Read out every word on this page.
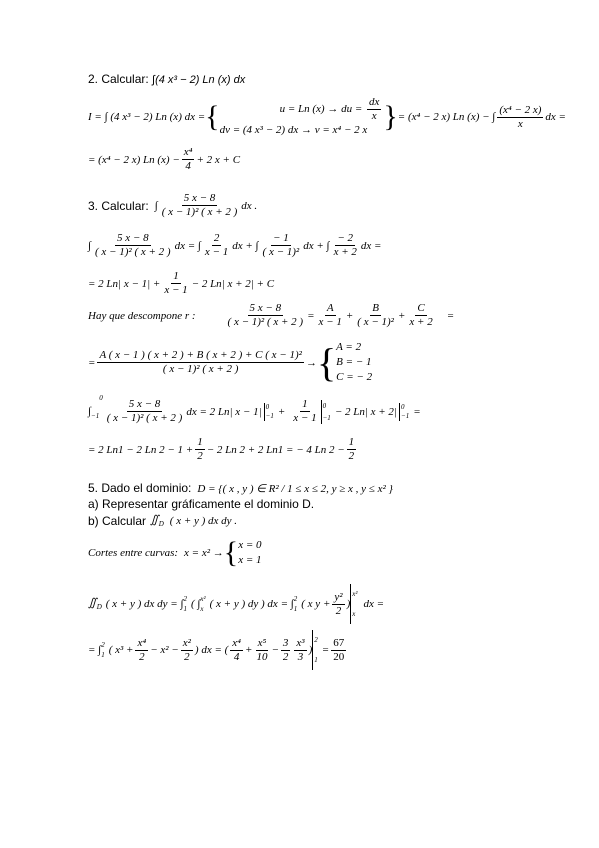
2. Calcular: ∫(4 x³ − 2) Ln (x) dx
I = ∫ (4 x³ − 2) Ln (x) dx = {	u = Ln (x) → du = $\frac{dx}{x}$
dv = (4 x³ − 2) dx → v = x⁴ − 2 x } = (x⁴ − 2 x) Ln (x) − ∫ $\frac{\text{(x⁴ − 2 x)}}{x}$ dx =
= (x⁴ − 2 x) Ln $(x) - \frac{\text{x⁴}}{4} + 2$ x + C
3. Calcular: ∫ $\frac{5 x - 8}{\text{( x − 1)² ( x + 2 )}}$ dx .
∫ $\frac{5 x - 8}{\text{( x − 1)² ( x + 2 )}}$ dx = ∫ $\frac{2}{x - 1}$ dx + ∫ $\frac{- 1}{\text{( x − 1)²}}$ dx + ∫ $\frac{- 2}{x + 2}$ dx =
= 2 Ln| $x - 1| + \frac{1}{x - 1} - 2$ Ln| x + 2| + C
Hay que descompone r :	$\frac{5 x - 8}{\text{( x − 1)² ( x + 2 )}} = \frac{A}{x - 1} + \frac{B}{\text{( x − 1)²}} + \frac{C}{x + 2}$ =
= $\frac{\text{A ( x − 1 ) ( x + 2 ) + B ( x + 2 ) + C ( x − 1)²}}{\text{( x − 1)² ( x + 2 )}}$ → { A = 2
B = − 1
C = − 2
$\int_{-1}^0$
$\frac{5 x - 8}{\text{( x − 1)² ( x + 2 )}}$ dx = 2 Ln| x − 1| 0
$-1 + \frac{1}{x - 1} 0$
−1 − 2 Ln| x + 2| 0
−1 =
= 2 Ln1 − 2 Ln $2 - 1 + \frac{1}{2} - 2$ Ln 2 + 2 Ln1 = − 4 Ln $2 - \frac{1}{2}$
5. Dado el dominio: D = {( x , y ) ∈ R² / 1 ≤ x ≤ 2, y ≥ x , y ≤ x² }
a) Representar gráficamente el dominio D.
b) Calcular $∬_D$ ( x + y ) dx dy .
Cortes entre curvas: x = x² → { x = 0
x = 1
$∬_D$ ( x + y ) dx dy = ∫ 2
1 ( ∫ x²
x ( x + y ) dy ) dx = ∫ 2
1 ( x $y + \frac{\text{y²}}{2}$ )
x²
x
dx =
= ∫ 2
1 ( $x^3 + \frac{\text{x⁴}}{2} - x^2 - \frac{\text{x²}}{2}$ ) dx = ( $\frac{\text{x⁴}}{4} + \frac{\text{x⁵}}{10} - \frac{3}{2} \frac{\text{x³}}{3}$ )
2
1
= $\frac{67}{20}$
